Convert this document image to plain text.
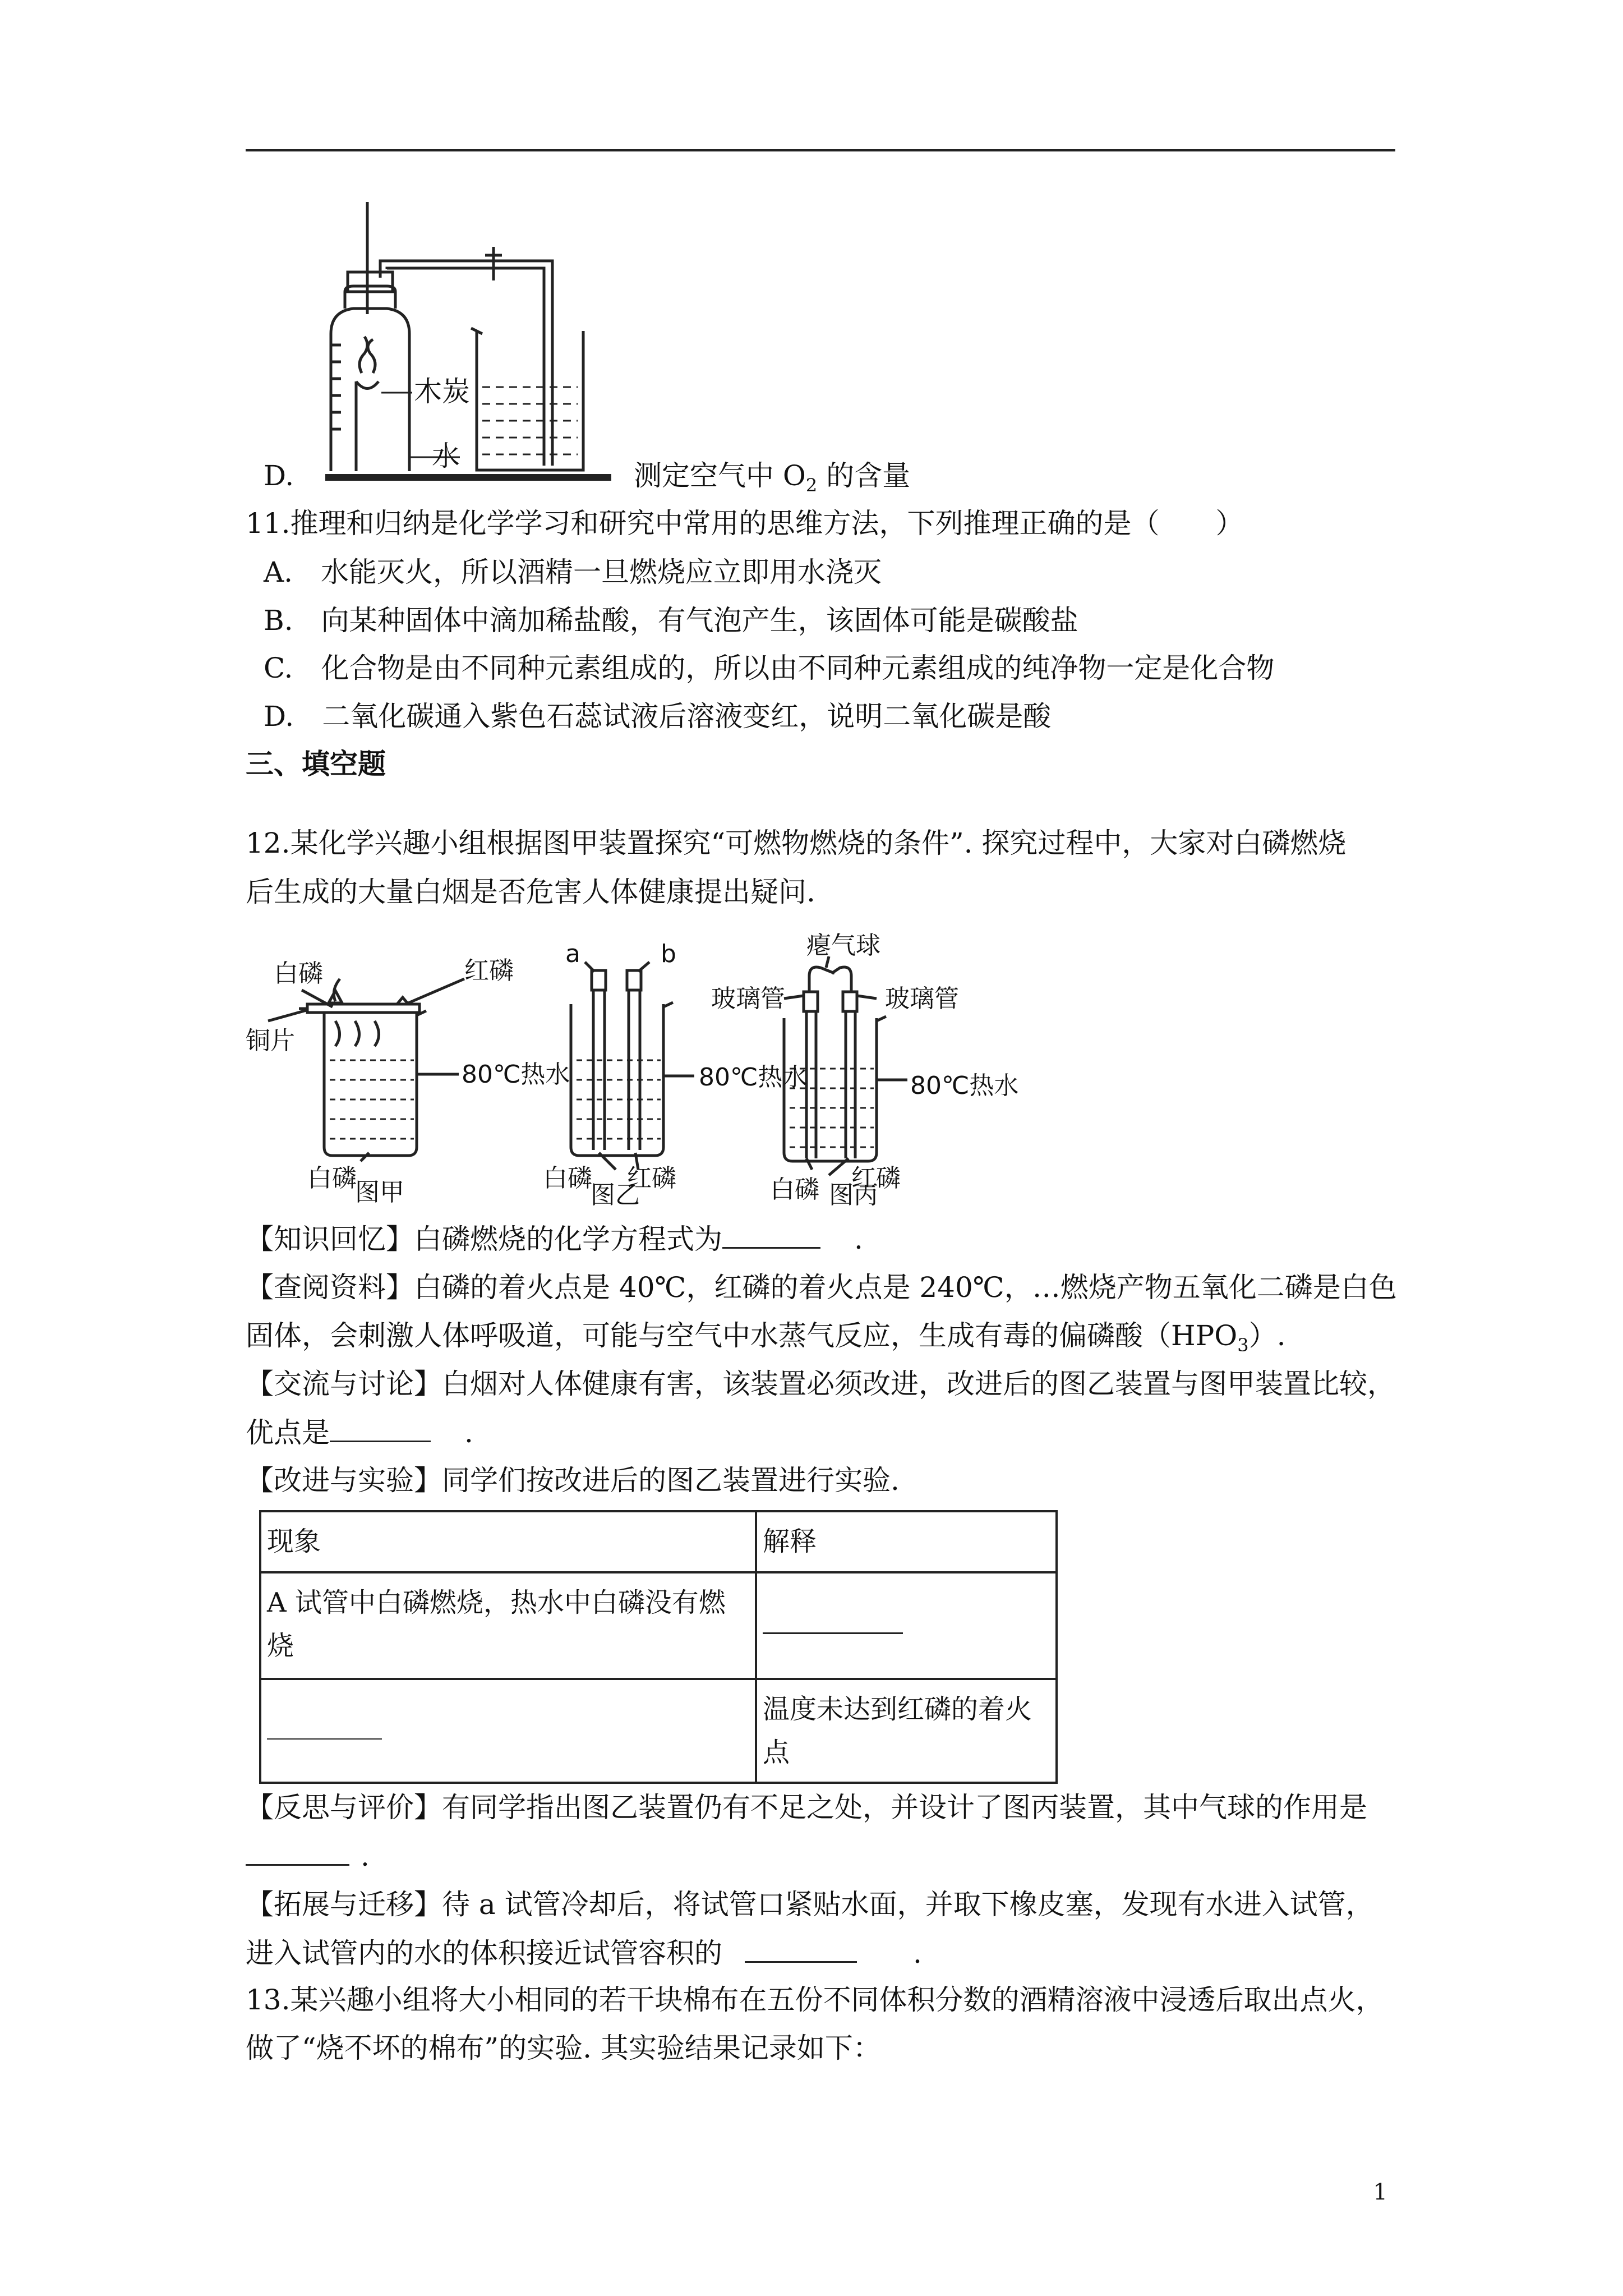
木炭
水
D.	测定空气中 $O_2$ 的含量
11.推理和归纳是化学学习和研究中常用的思维方法，下列推理正确的是（　　）
A. 水能灭火，所以酒精一旦燃烧应立即用水浇灭
B. 向某种固体中滴加稀盐酸，有气泡产生，该固体可能是碳酸盐
C. 化合物是由不同种元素组成的，所以由不同种元素组成的纯净物一定是化合物
D. 二氧化碳通入紫色石蕊试液后溶液变红，说明二氧化碳是酸
三、填空题
12.某化学兴趣小组根据图甲装置探究“可燃物燃烧的条件”. 探究过程中，大家对白磷燃烧
后生成的大量白烟是否危害人体健康提出疑问.
白磷	红磷
铜片
80℃热水
白磷
图甲
a	b
80℃热水
白磷 红磷
图乙
瘪气球
玻璃管	玻璃管
80℃热水
白磷 红磷
图丙
【知识回忆】白磷燃烧的化学方程式为	.
【查阅资料】白磷的着火点是 40℃，红磷的着火点是 240℃，…燃烧产物五氧化二磷是白色
固体，会刺激人体呼吸道，可能与空气中水蒸气反应，生成有毒的偏磷酸$(HPO_3)$.
【交流与讨论】白烟对人体健康有害，该装置必须改进，改进后的图乙装置与图甲装置比较，
优点是	.
【改进与实验】同学们按改进后的图乙装置进行实验.
现象	解释
A 试管中白磷燃烧，热水中白磷没有燃烧	
	温度未达到红磷的着火点
【反思与评价】有同学指出图乙装置仍有不足之处，并设计了图丙装置，其中气球的作用是
.
【拓展与迁移】待 a 试管冷却后，将试管口紧贴水面，并取下橡皮塞，发现有水进入试管，
进入试管内的水的体积接近试管容积的	.
13.某兴趣小组将大小相同的若干块棉布在五份不同体积分数的酒精溶液中浸透后取出点火，
做了“烧不坏的棉布”的实验. 其实验结果记录如下：
1
